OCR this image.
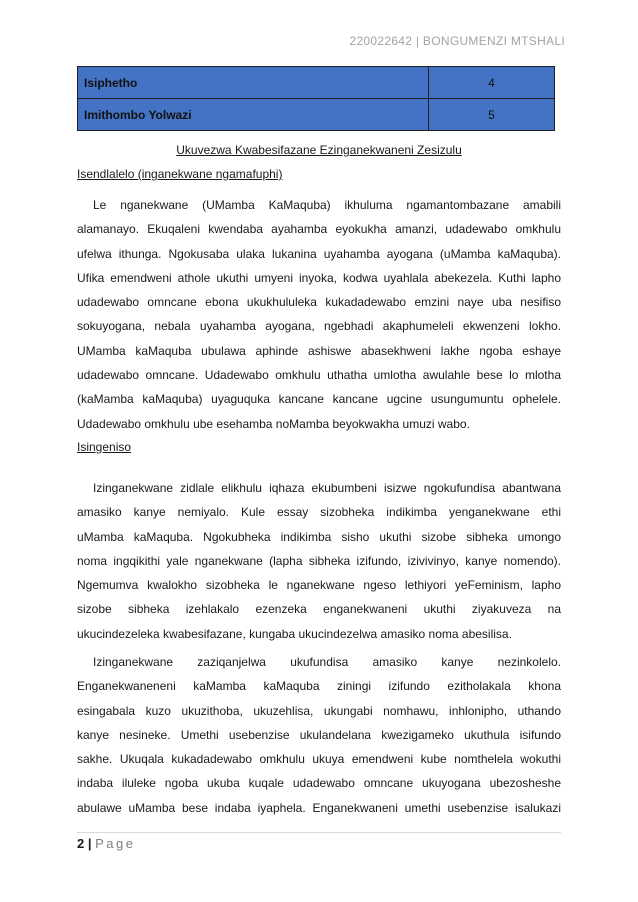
220022642 | BONGUMENZI MTSHALI
Isiphetho	4
Imithombo Yolwazi	5
Ukuvezwa Kwabesifazane Ezinganekwaneni Zesizulu
Isendlalelo (inganekwane ngamafuphi)
Le nganekwane (UMamba KaMaquba) ikhuluma ngamantombazane amabili
alamanayo. Ekuqaleni kwendaba ayahamba eyokukha amanzi, udadewabo omkhulu
ufelwa ithunga. Ngokusaba ulaka lukanina uyahamba ayogana (uMamba kaMaquba).
Ufika emendweni athole ukuthi umyeni inyoka, kodwa uyahlala abekezela. Kuthi lapho
udadewabo omncane ebona ukukhululeka kukadadewabo emzini naye uba nesifiso
sokuyogana, nebala uyahamba ayogana, ngebhadi akaphumeleli ekwenzeni lokho.
UMamba kaMaquba ubulawa aphinde ashiswe abasekhweni lakhe ngoba eshaye
udadewabo omncane. Udadewabo omkhulu uthatha umlotha awulahle bese lo mlotha
(kaMamba kaMaquba) uyaguquka kancane kancane ugcine usungumuntu ophelele.
Udadewabo omkhulu ube esehamba noMamba beyokwakha umuzi wabo.
Isingeniso
Izinganekwane zidlale elikhulu iqhaza ekubumbeni isizwe ngokufundisa abantwana
amasiko kanye nemiyalo. Kule essay sizobheka indikimba yenganekwane ethi
uMamba kaMaquba. Ngokubheka indikimba sisho ukuthi sizobe sibheka umongo
noma ingqikithi yale nganekwane (lapha sibheka izifundo, izivivinyo, kanye nomendo).
Ngemumva kwalokho sizobheka le nganekwane ngeso lethiyori yeFeminism, lapho
sizobe sibheka izehlakalo ezenzeka enganekwaneni ukuthi ziyakuveza na
ukucindezeleka kwabesifazane, kungaba ukucindezelwa amasiko noma abesilisa.
Izinganekwane zaziqanjelwa ukufundisa amasiko kanye nezinkolelo.
Enganekwaneneni kaMamba kaMaquba ziningi izifundo ezitholakala khona
esingabala kuzo ukuzithoba, ukuzehlisa, ukungabi nomhawu, inhlonipho, uthando
kanye nesineke. Umethi usebenzise ukulandelana kwezigameko ukuthula isifundo
sakhe. Ukuqala kukadadewabo omkhulu ukuya emendweni kube nomthelela wokuthi
indaba iluleke ngoba ukuba kuqale udadewabo omncane ukuyogana ubezosheshe
abulawe uMamba bese indaba iyaphela. Enganekwaneni umethi usebenzise isalukazi
2 | Page
